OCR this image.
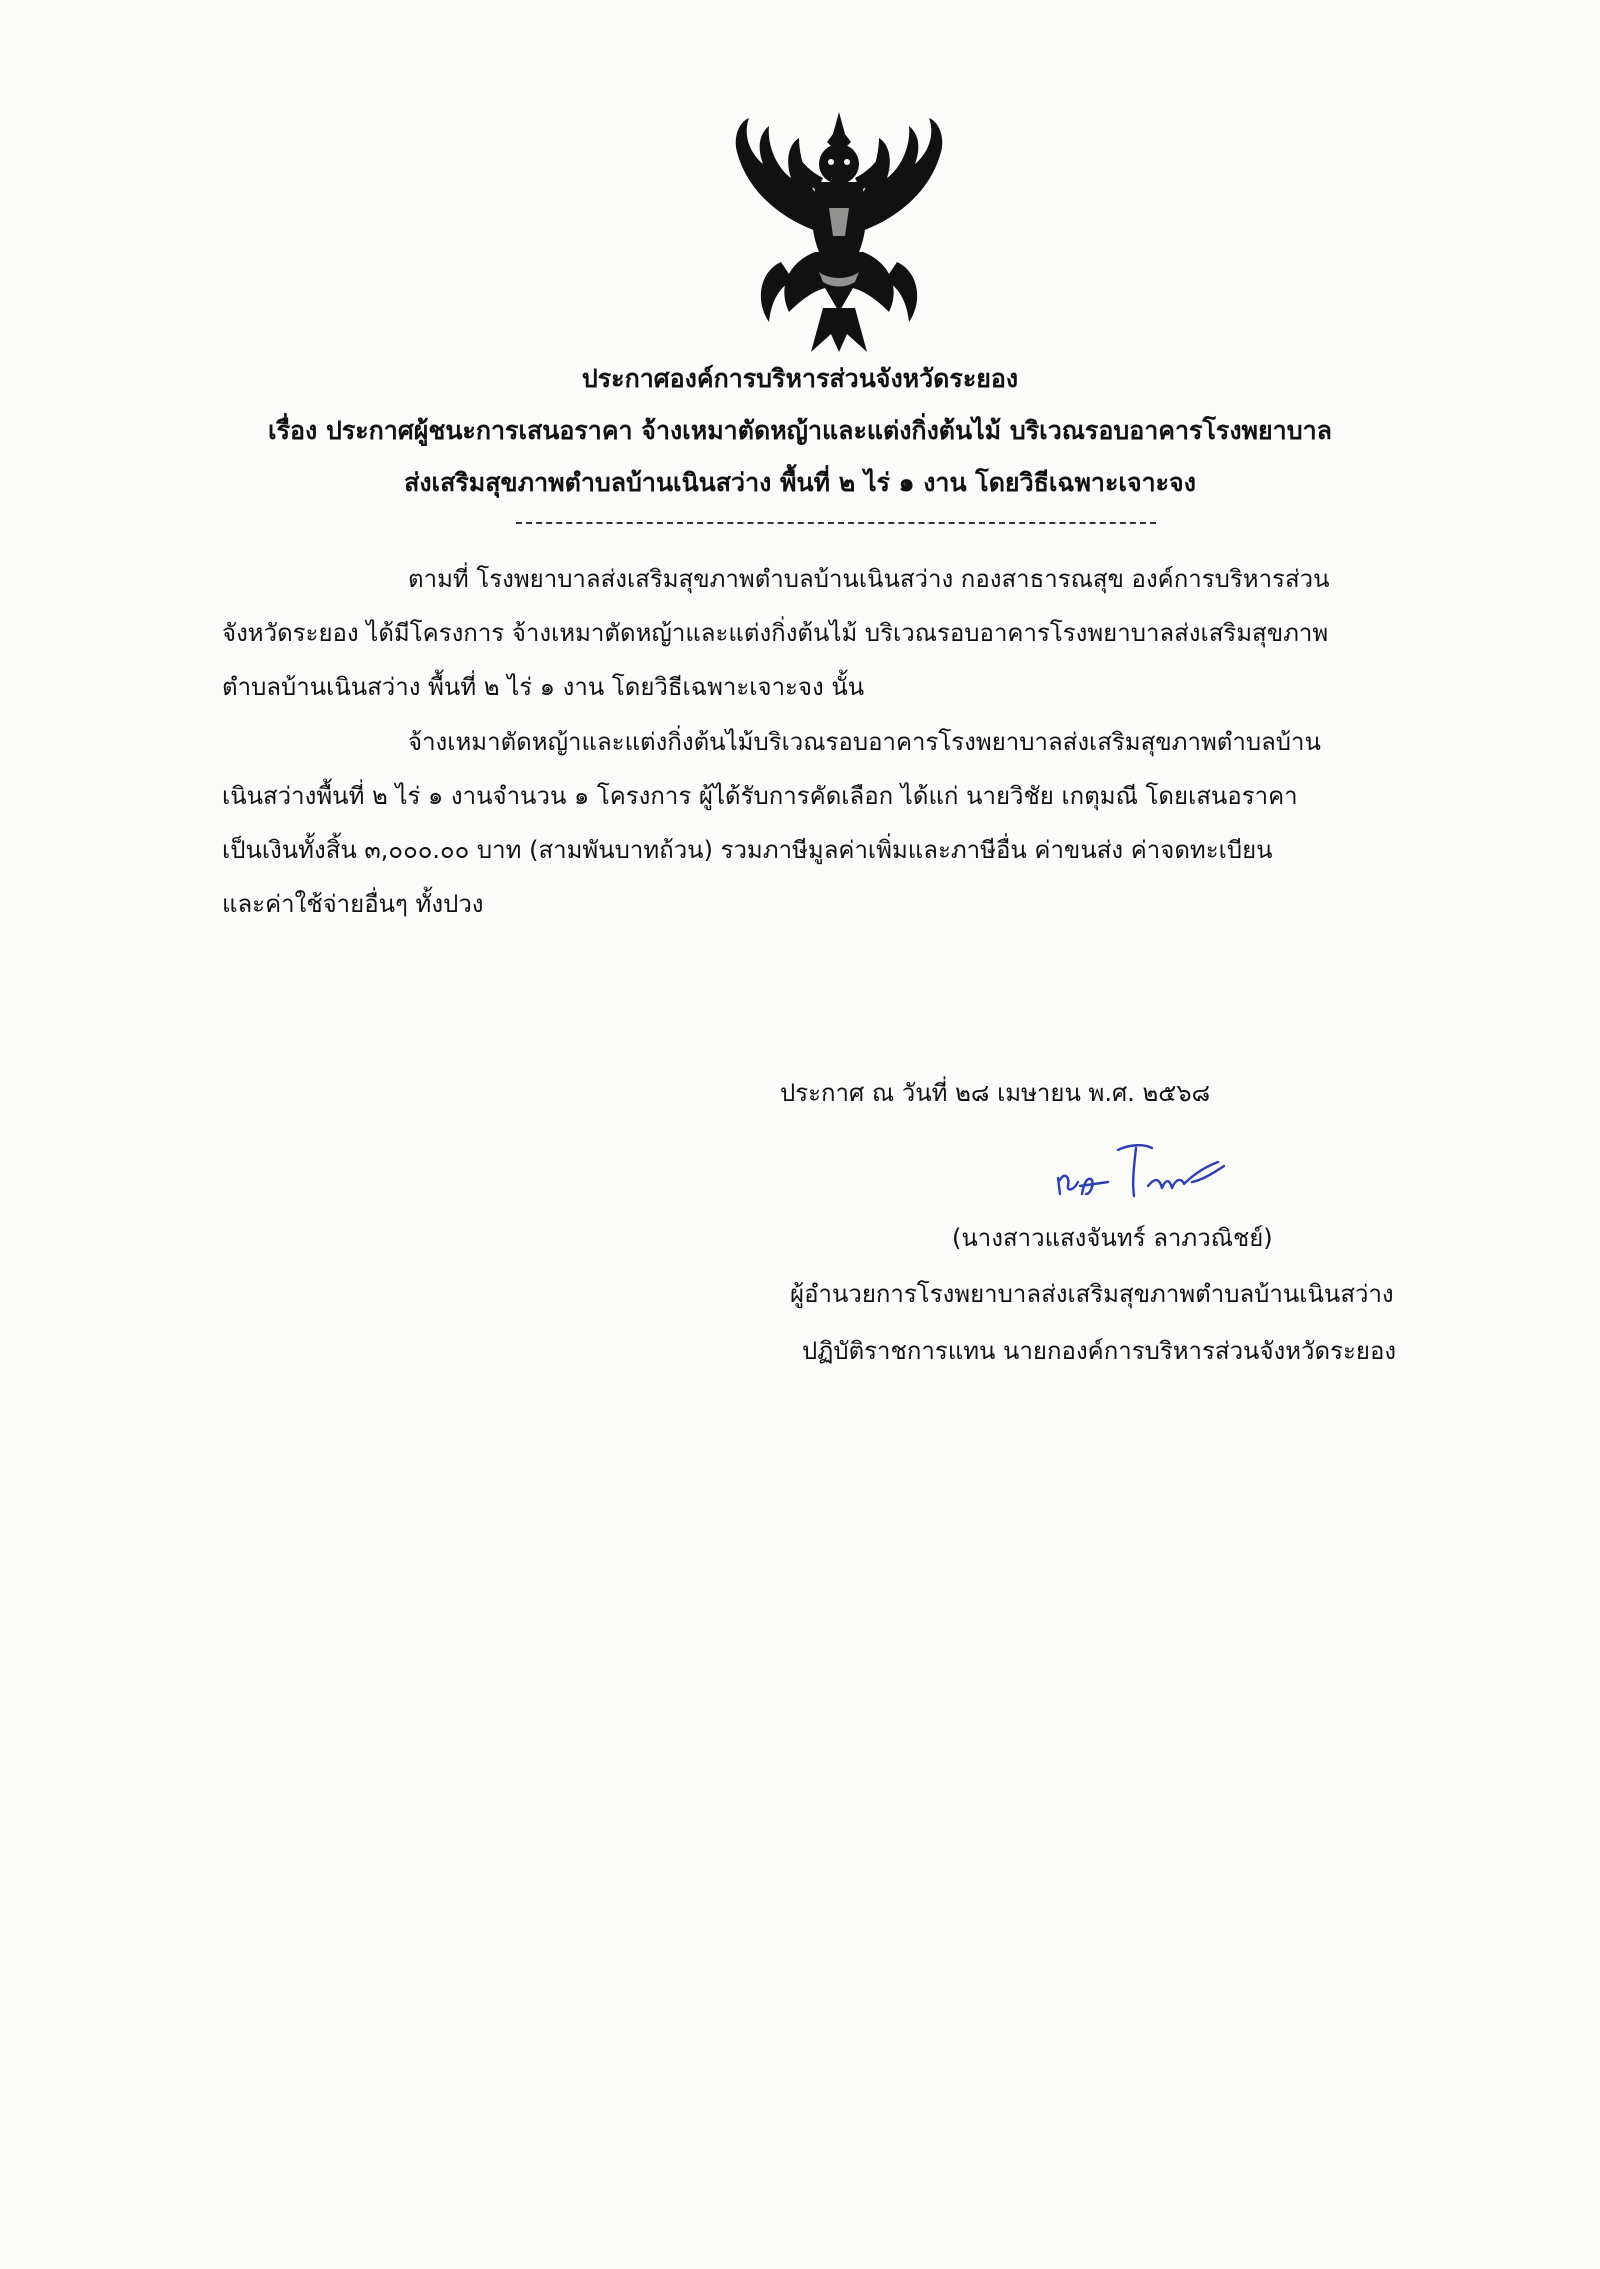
ประกาศองค์การบริหารส่วนจังหวัดระยอง
เรื่อง ประกาศผู้ชนะการเสนอราคา จ้างเหมาตัดหญ้าและแต่งกิ่งต้นไม้ บริเวณรอบอาคารโรงพยาบาล
ส่งเสริมสุขภาพตำบลบ้านเนินสว่าง พื้นที่ ๒ ไร่ ๑ งาน โดยวิธีเฉพาะเจาะจง
ตามที่ โรงพยาบาลส่งเสริมสุขภาพตำบลบ้านเนินสว่าง กองสาธารณสุข องค์การบริหารส่วน
จังหวัดระยอง ได้มีโครงการ จ้างเหมาตัดหญ้าและแต่งกิ่งต้นไม้ บริเวณรอบอาคารโรงพยาบาลส่งเสริมสุขภาพ
ตำบลบ้านเนินสว่าง พื้นที่ ๒ ไร่ ๑ งาน โดยวิธีเฉพาะเจาะจง นั้น
จ้างเหมาตัดหญ้าและแต่งกิ่งต้นไม้บริเวณรอบอาคารโรงพยาบาลส่งเสริมสุขภาพตำบลบ้าน
เนินสว่างพื้นที่ ๒ ไร่ ๑ งานจำนวน ๑ โครงการ ผู้ได้รับการคัดเลือก ได้แก่ นายวิชัย เกตุมณี โดยเสนอราคา
เป็นเงินทั้งสิ้น ๓,๐๐๐.๐๐ บาท (สามพันบาทถ้วน) รวมภาษีมูลค่าเพิ่มและภาษีอื่น ค่าขนส่ง ค่าจดทะเบียน
และค่าใช้จ่ายอื่นๆ ทั้งปวง
ประกาศ ณ วันที่ ๒๘ เมษายน พ.ศ. ๒๕๖๘
(นางสาวแสงจันทร์ ลาภวณิชย์)
ผู้อำนวยการโรงพยาบาลส่งเสริมสุขภาพตำบลบ้านเนินสว่าง
ปฏิบัติราชการแทน นายกองค์การบริหารส่วนจังหวัดระยอง
